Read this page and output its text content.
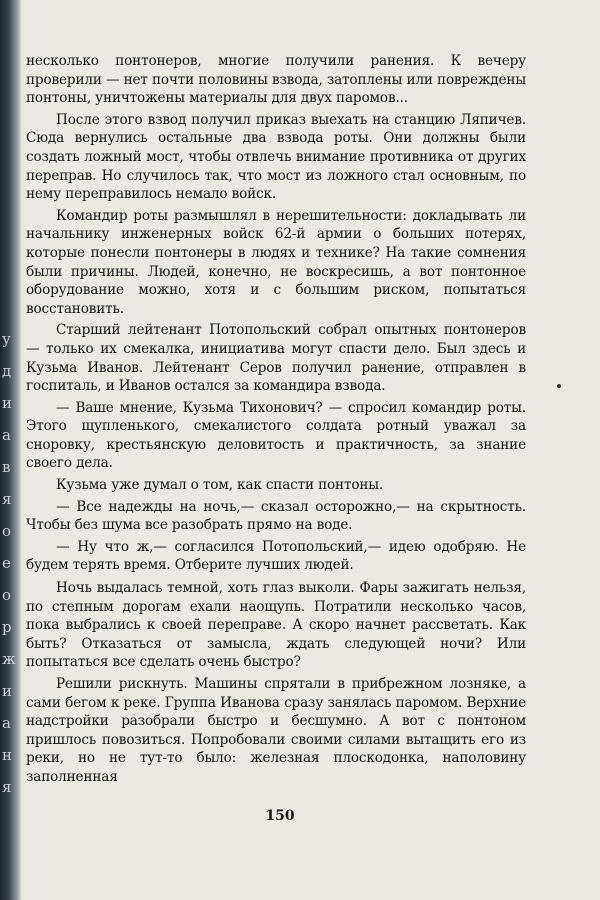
у
д
и
а
в
я
о
е
о
р
ж
и
а
н
я

несколько понтонеров, многие получили ранения. К вечеру проверили — нет почти половины взвода, затоплены или повреждены понтоны, уничтожены материалы для двух паромов...

После этого взвод получил приказ выехать на станцию Ляпичев. Сюда вернулись остальные два взвода роты. Они должны были создать ложный мост, чтобы отвлечь внимание противника от других переправ. Но случилось так, что мост из ложного стал основным, по нему переправилось немало войск.

Командир роты размышлял в нерешительности: докладывать ли начальнику инженерных войск 62-й армии о больших потерях, которые понесли понтонеры в людях и технике? На такие сомнения были причины. Людей, конечно, не воскресишь, а вот понтонное оборудование можно, хотя и с большим риском, попытаться восстановить.

Старший лейтенант Потопольский собрал опытных понтонеров — только их смекалка, инициатива могут спасти дело. Был здесь и Кузьма Иванов. Лейтенант Серов получил ранение, отправлен в госпиталь, и Иванов остался за командира взвода.

— Ваше мнение, Кузьма Тихонович? — спросил командир роты. Этого щупленького, смекалистого солдата ротный уважал за сноровку, крестьянскую деловитость и практичность, за знание своего дела.

Кузьма уже думал о том, как спасти понтоны.

— Все надежды на ночь,— сказал осторожно,— на скрытность. Чтобы без шума все разобрать прямо на воде.

— Ну что ж,— согласился Потопольский,— идею одобряю. Не будем терять время. Отберите лучших людей.

Ночь выдалась темной, хоть глаз выколи. Фары зажигать нельзя, по степным дорогам ехали наощупь. Потратили несколько часов, пока выбрались к своей переправе. А скоро начнет рассветать. Как быть? Отказаться от замысла, ждать следующей ночи? Или попытаться все сделать очень быстро?

Решили рискнуть. Машины спрятали в прибрежном лозняке, а сами бегом к реке. Группа Иванова сразу занялась паромом. Верхние надстройки разобрали быстро и бесшумно. А вот с понтоном пришлось повозиться. Попробовали своими силами вытащить его из реки, но не тут-то было: железная плоскодонка, наполовину заполненная

150
